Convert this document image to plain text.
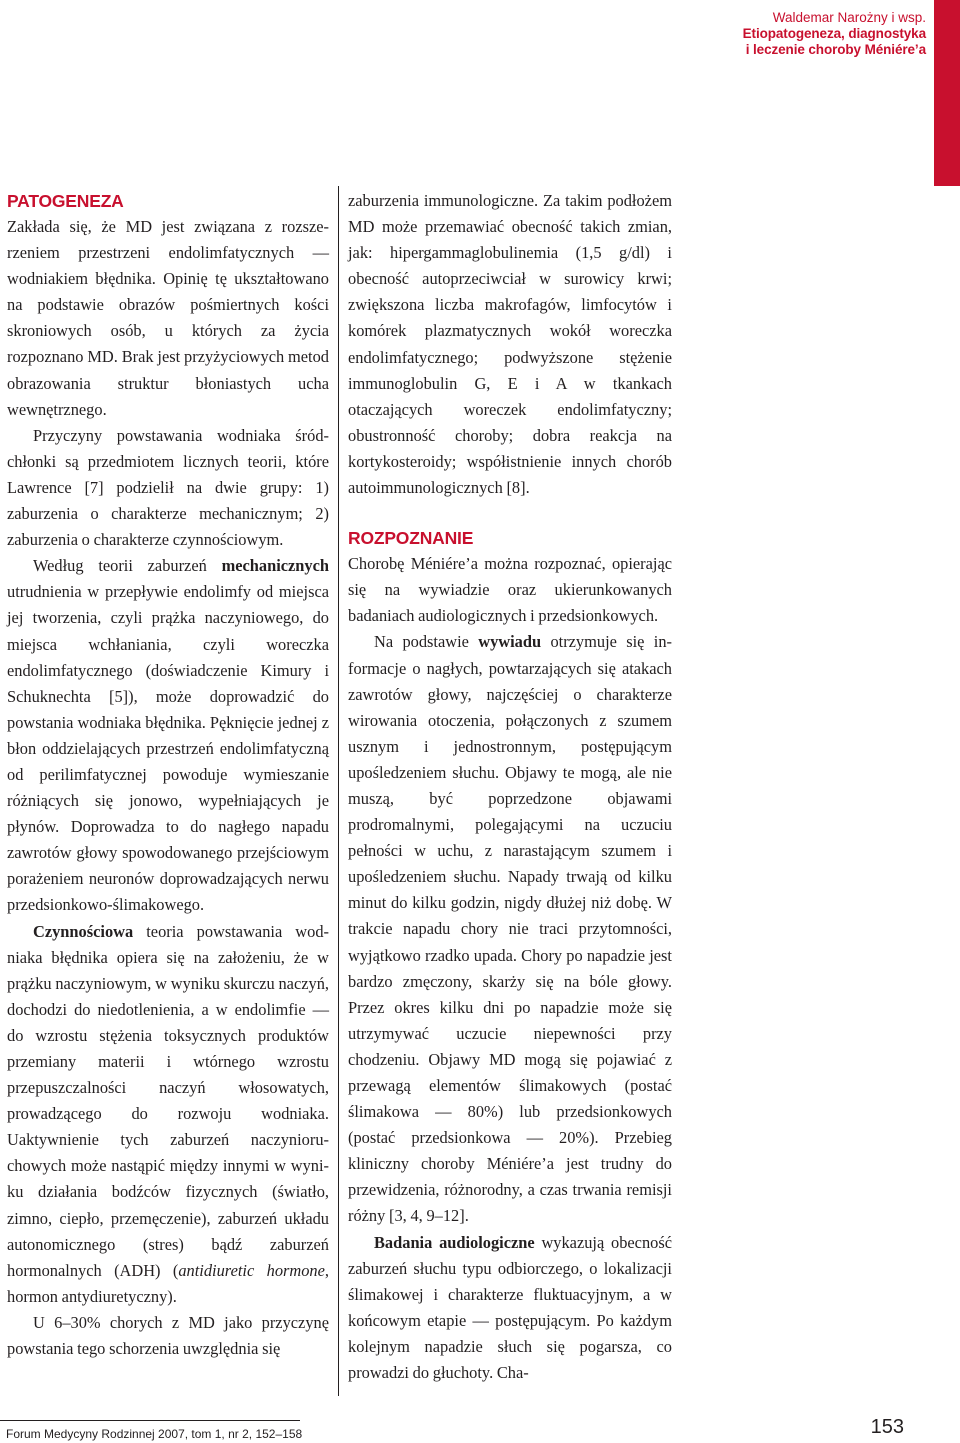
Waldemar Narożny i wsp.
Etiopatogeneza, diagnostyka
i leczenie choroby Méniére’a
PATOGENEZA

Zakłada się, że MD jest związana z rozszerzeniem przestrzeni endolimfatycznych — wodniakiem błędnika. Opinię tę ukształtowano na podstawie obrazów pośmiertnych kości skroniowych osób, u których za życia rozpoznano MD. Brak jest przyżyciowych metod obrazowania struktur błoniastych ucha wewnętrznego.

Przyczyny powstawania wodniaka śródchłonki są przedmiotem licznych teorii, które Lawrence [7] podzielił na dwie grupy: 1) zaburzenia o charakterze mechanicznym; 2) zaburzenia o charakterze czynnościowym.

Według teorii zaburzeń mechanicznych utrudnienia w przepływie endolimfy od miejsca jej tworzenia, czyli prążka naczyniowego, do miejsca wchłaniania, czyli woreczka endolimfatycznego (doświadczenie Kimury i Schuknechta [5]), może doprowadzić do powstania wodniaka błędnika. Pęknięcie jednej z błon oddzielających przestrzeń endolimfatyczną od perilimfatycznej powoduje wymieszanie różniących się jonowo, wypełniających je płynów. Doprowadza to do nagłego napadu zawrotów głowy spowodowanego przejściowym porażeniem neuronów doprowadzających nerwu przedsionkowo-ślimakowego.

Czynnościowa teoria powstawania wodniaka błędnika opiera się na założeniu, że w prążku naczyniowym, w wyniku skurczu naczyń, dochodzi do niedotlenienia, a w endolimfie — do wzrostu stężenia toksycznych produktów przemiany materii i wtórnego wzrostu przepuszczalności naczyń włosowatych, prowadzącego do rozwoju wodniaka. Uaktywnienie tych zaburzeń naczynioruchowych może nastąpić między innymi w wyniku działania bodźców fizycznych (światło, zimno, ciepło, przemęczenie), zaburzeń układu autonomicznego (stres) bądź zaburzeń hormonalnych (ADH) (antidiuretic hormone, hormon antydiuretyczny).

U 6–30% chorych z MD jako przyczynę powstania tego schorzenia uwzględnia się

zaburzenia immunologiczne. Za takim podłożem MD może przemawiać obecność takich zmian, jak: hipergammaglobulinemia (1,5 g/dl) i obecność autoprzeciwciał w surowicy krwi; zwiększona liczba makrofagów, limfocytów i komórek plazmatycznych wokół woreczka endolimfatycznego; podwyższone stężenie immunoglobulin G, E i A w tkankach otaczających woreczek endolimfatyczny; obustronność choroby; dobra reakcja na kortykosteroidy; współistnienie innych chorób autoimmunologicznych [8].

ROZPOZNANIE

Chorobę Méniére’a można rozpoznać, opierając się na wywiadzie oraz ukierunkowanych badaniach audiologicznych i przedsionkowych.

Na podstawie wywiadu otrzymuje się informacje o nagłych, powtarzających się atakach zawrotów głowy, najczęściej o charakterze wirowania otoczenia, połączonych z szumem usznym i jednostronnym, postępującym upośledzeniem słuchu. Objawy te mogą, ale nie muszą, być poprzedzone objawami prodromalnymi, polegającymi na uczuciu pełności w uchu, z narastającym szumem i upośledzeniem słuchu. Napady trwają od kilku minut do kilku godzin, nigdy dłużej niż dobę. W trakcie napadu chory nie traci przytomności, wyjątkowo rzadko upada. Chory po napadzie jest bardzo zmęczony, skarży się na bóle głowy. Przez okres kilku dni po napadzie może się utrzymywać uczucie niepewności przy chodzeniu. Objawy MD mogą się pojawiać z przewagą elementów ślimakowych (postać ślimakowa — 80%) lub przedsionkowych (postać przedsionkowa — 20%). Przebieg kliniczny choroby Méniére’a jest trudny do przewidzenia, różnorodny, a czas trwania remisji różny [3, 4, 9–12].

Badania audiologiczne wykazują obecność zaburzeń słuchu typu odbiorczego, o lokalizacji ślimakowej i charakterze fluktuacyjnym, a w końcowym etapie — postępującym. Po każdym kolejnym napadzie słuch się pogarsza, co prowadzi do głuchoty. Cha-

Forum Medycyny Rodzinnej 2007, tom 1, nr 2, 152–158	153
